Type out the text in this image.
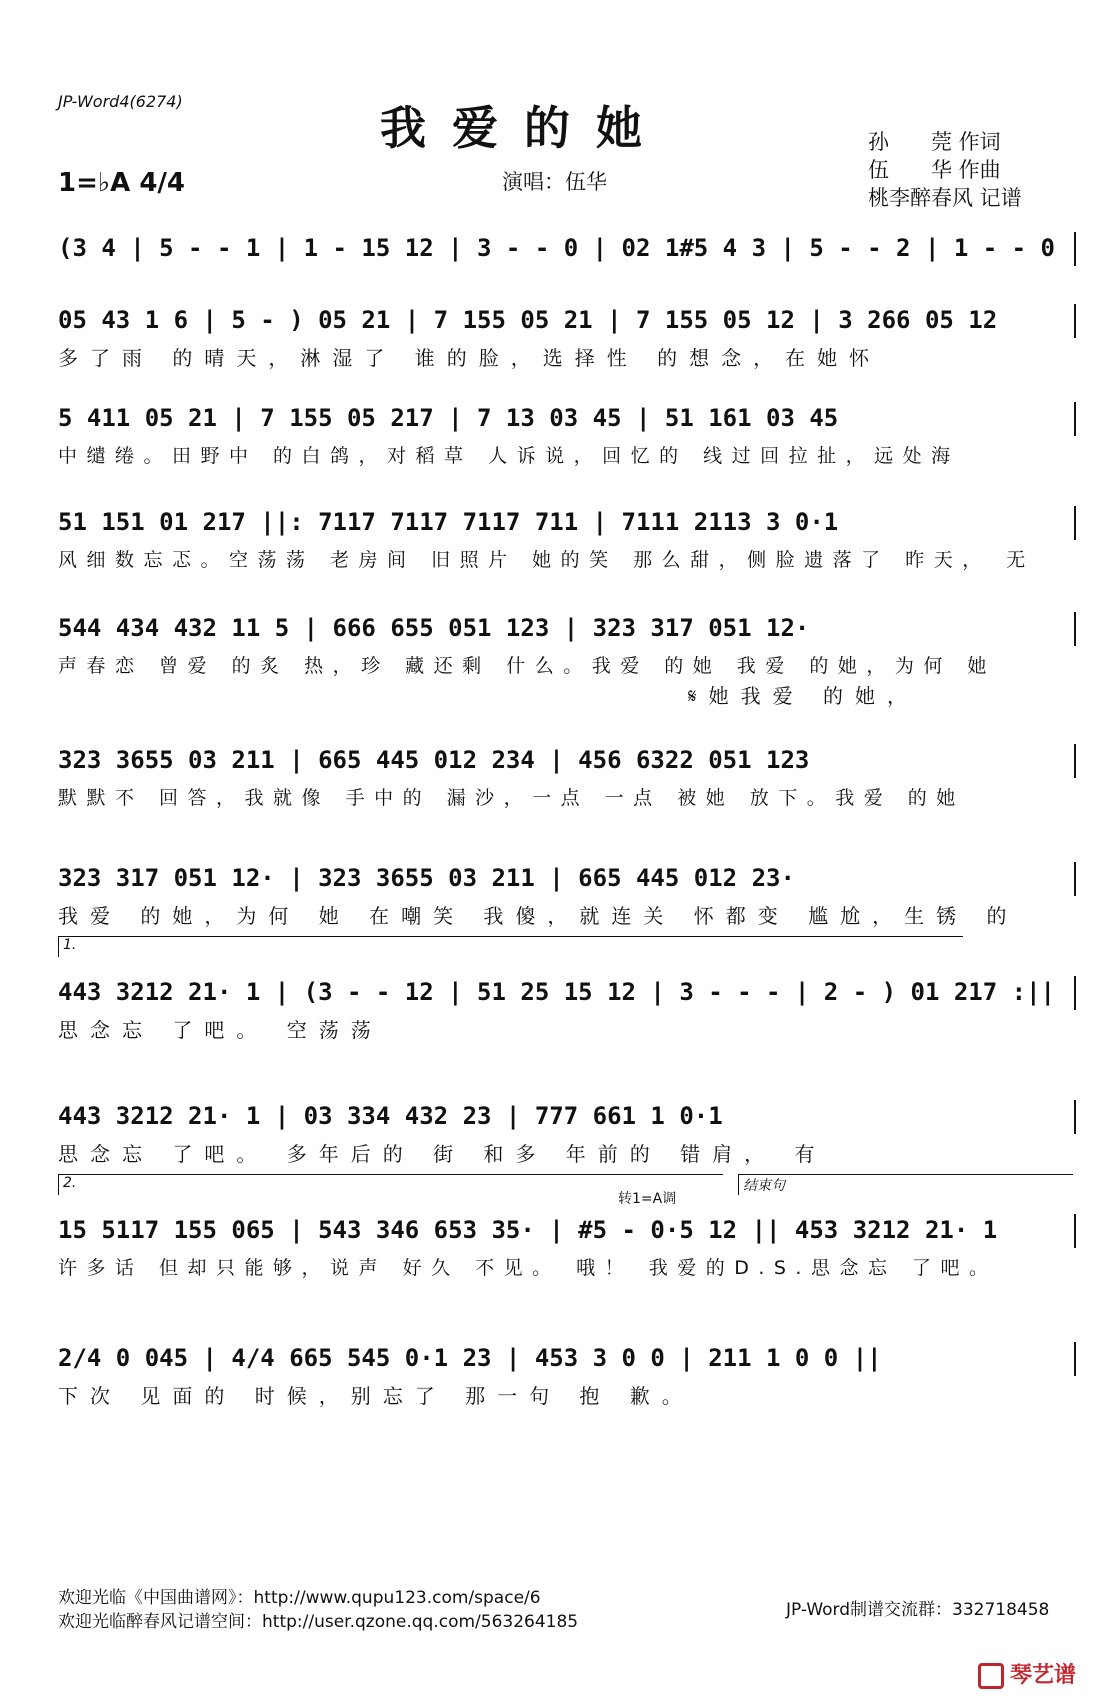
JP-Word4(6274)	我爱的她	孙　　莞 作词
伍　　华 作曲
桃李醉春风 记谱
1=♭A 4/4	演唱：伍华
(3 4 | 5 - - 1 | 1 - 15 12 | 3 - - 0 | 02 1#5 4 3 | 5 - - 2 | 1 - - 0
05 43 1 6 | 5 - ) 05 21 | 7 155 05 21 | 7 155 05 12 | 3 266 05 12
多了雨 的晴天，淋湿了 谁的脸，选择性 的想念，在她怀
5 411 05 21 | 7 155 05 217 | 7 13 03 45 | 51 161 03 45
中缱绻。田野中 的白鸽，对稻草 人诉说，回忆的 线过回拉扯，远处海
51 151 01 217 ||: 7117 7117 7117 711 | 7111 2113 3 0·1
风细数忘忑。空荡荡 老房间 旧照片 她的笑 那么甜，侧脸遗落了 昨天， 无
544 434 432 11 5 | 666 655 051 123 | 323 317 051 12·
声春恋 曾爱 的炙 热，珍 藏还剩 什么。我爱 的她 我爱 的她，为何 她
𝄋她我爱 的她，
323 3655 03 211 | 665 445 012 234 | 456 6322 051 123
默默不 回答，我就像 手中的 漏沙，一点 一点 被她 放下。我爱 的她
323 317 051 12· | 323 3655 03 211 | 665 445 012 23·
我爱 的她，为何 她 在嘲笑 我傻，就连关 怀都变 尴尬，生锈 的
1.
443 3212 21· 1 | (3 - - 12 | 51 25 15 12 | 3 - - - | 2 - ) 01 217 :||
思念忘 了吧。 空荡荡
443 3212 21· 1 | 03 334 432 23 | 777 661 1 0·1
思念忘 了吧。 多年后的 街 和多 年前的 错肩， 有
2.	结束句
转1=A调
15 5117 155 065 | 543 346 653 35· | #5 - 0·5 12 || 453 3212 21· 1
许多话 但却只能够，说声 好久 不见。 哦！ 我爱的D.S.思念忘 了吧。
2/4 0 045 | 4/4 665 545 0·1 23 | 453 3 0 0 | 211 1 0 0 ||
下次 见面的 时候，别忘了 那一句 抱 歉。
欢迎光临《中国曲谱网》：http://www.qupu123.com/space/6
欢迎光临醉春风记谱空间：http://user.qzone.qq.com/563264185
JP-Word制谱交流群：332718458
琴艺谱
